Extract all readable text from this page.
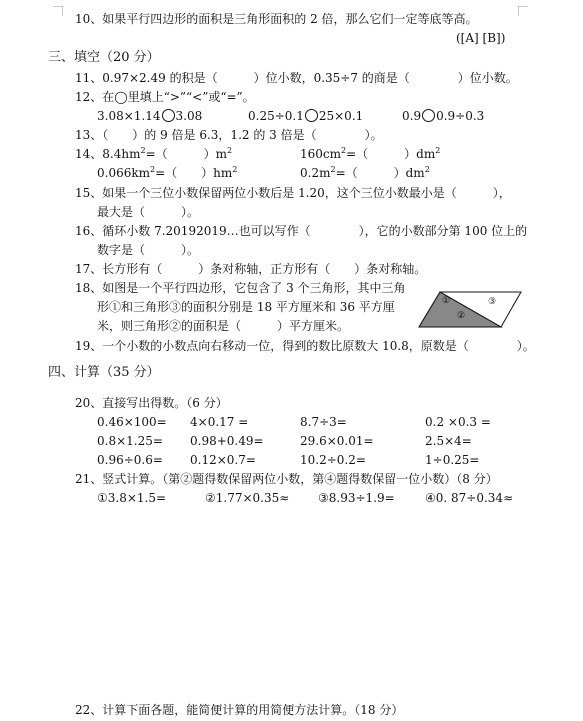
10、如果平行四边形的面积是三角形面积的 2 倍，那么它们一定等底等高。
([A] [B])
三、填空（20 分）
11、0.97×2.49 的积是（　　　）位小数，0.35÷7 的商是（　　　　）位小数。
12、在◯里填上“>”“<”或“=”。
3.08×1.14 3.08	0.25÷0.1 25×0.1	0.9 0.9÷0.3
13、（　　）的 9 倍是 6.3，1.2 的 3 倍是（　　　　）。
14、$8.4hm^2=$（　　　）$m^2$	$160cm^2=$（　　　）$dm^2$
$0.066km^2=$（　　）$hm^2$	$0.2m^2=$（　　　）$dm^2$
15、如果一个三位小数保留两位小数后是 1.20，这个三位小数最小是（　　　），
最大是（　　　）。
16、循环小数 7.20192019…也可以写作（　　　　），它的小数部分第 100 位上的
数字是（　　　）。
17、长方形有（　　　）条对称轴，正方形有（　　）条对称轴。
18、如图是一个平行四边形，它包含了 3 个三角形，其中三角
形①和三角形③的面积分别是 18 平方厘米和 36 平方厘
米，则三角形②的面积是（　　　）平方厘米。
①
②
③
19、一个小数的小数点向右移动一位，得到的数比原数大 10.8，原数是（　　　　）。
四、计算（35 分）
20、直接写出得数。（6 分）
0.46×100= 4×0.17 =	8.7÷3=	0.2 ×0.3 =
0.8×1.25= 0.98+0.49=	29.6×0.01=	2.5×4=
0.96÷0.6= 0.12×0.7=	10.2÷0.2=	1÷0.25=
21、竖式计算。（第②题得数保留两位小数，第④题得数保留一位小数）（8 分）
①3.8×1.5=	②1.77×0.35≈ ③8.93÷1.9=	④0. 87÷0.34≈
22、计算下面各题，能简便计算的用简便方法计算。（18 分）
